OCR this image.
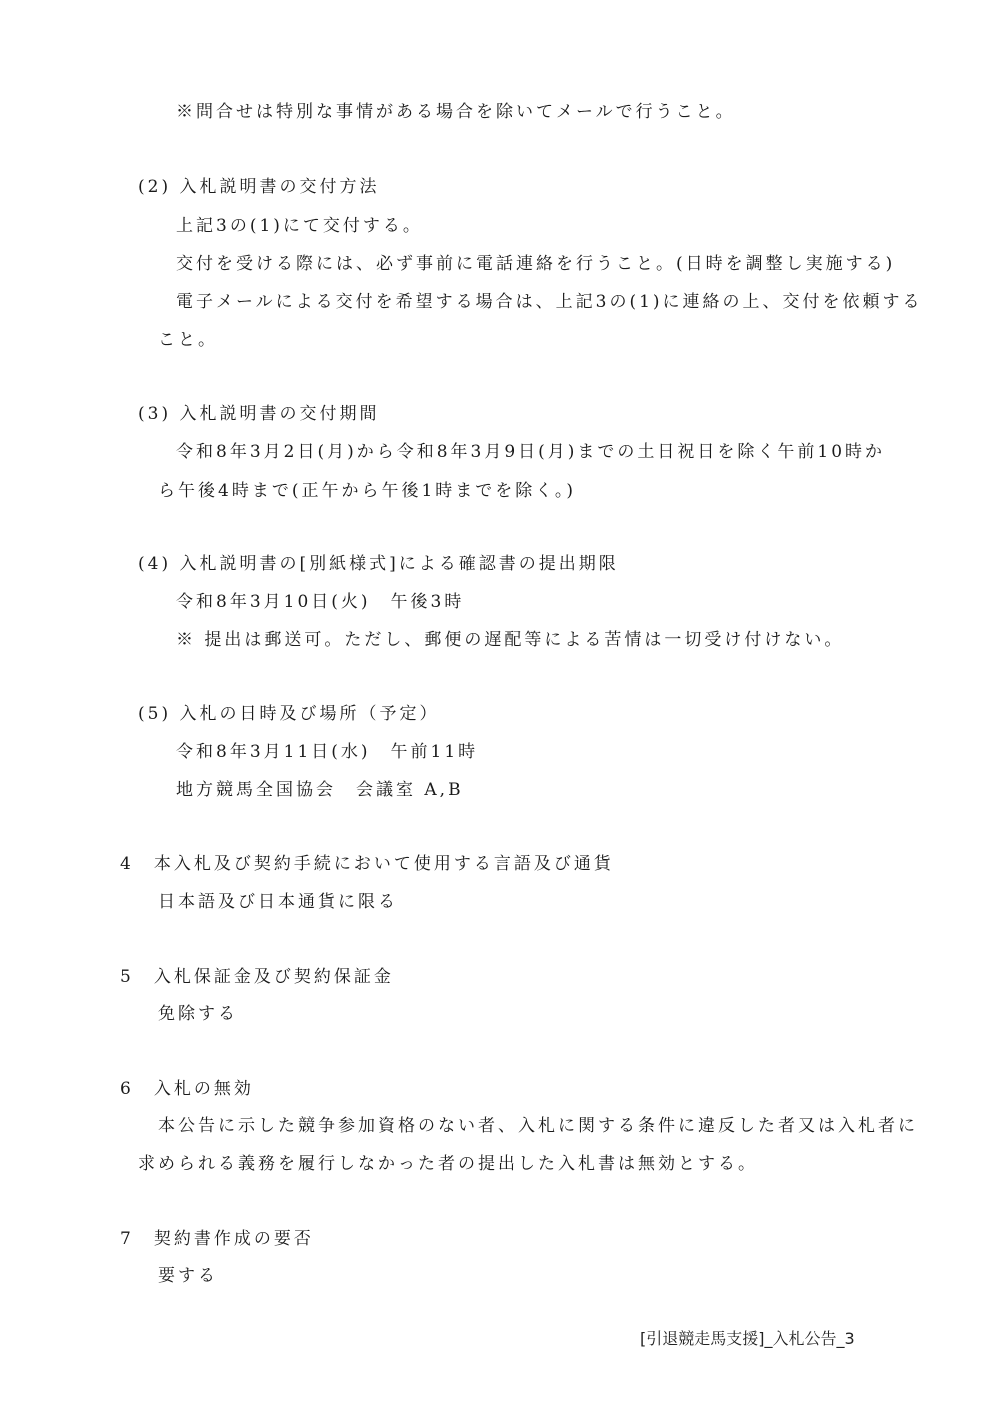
※問合せは特別な事情がある場合を除いてメールで行うこと。
(2) 入札説明書の交付方法
上記3の(1)にて交付する。
交付を受ける際には、必ず事前に電話連絡を行うこと。(日時を調整し実施する)
電子メールによる交付を希望する場合は、上記3の(1)に連絡の上、交付を依頼する
こと。
(3) 入札説明書の交付期間
令和8年3月2日(月)から令和8年3月9日(月)までの土日祝日を除く午前10時か
ら午後4時まで(正午から午後1時までを除く。)
(4) 入札説明書の[別紙様式]による確認書の提出期限
令和8年3月10日(火)　午後3時
※ 提出は郵送可。ただし、郵便の遅配等による苦情は一切受け付けない。
(5) 入札の日時及び場所（予定）
令和8年3月11日(水)　午前11時
地方競馬全国協会　会議室 A,B
4　本入札及び契約手続において使用する言語及び通貨
日本語及び日本通貨に限る
5　入札保証金及び契約保証金
免除する
6　入札の無効
本公告に示した競争参加資格のない者、入札に関する条件に違反した者又は入札者に
求められる義務を履行しなかった者の提出した入札書は無効とする。
7　契約書作成の要否
要する
[引退競走馬支援]_入札公告_3
